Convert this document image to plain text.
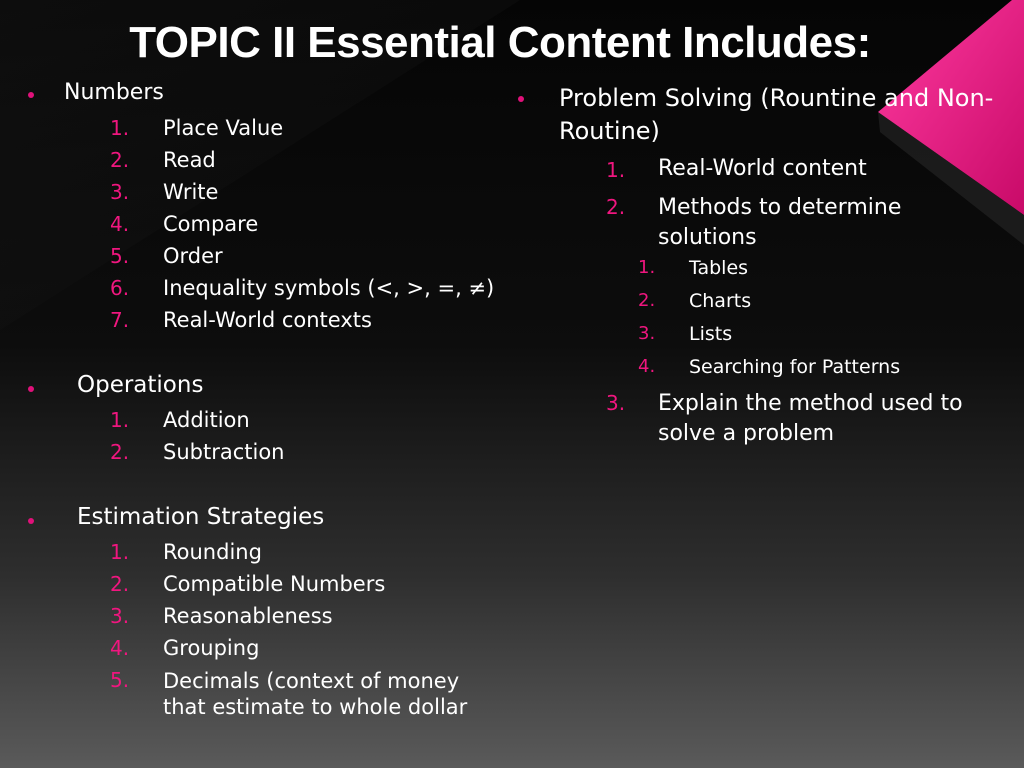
TOPIC II Essential Content Includes:
Numbers
1. Place Value
2. Read
3. Write
4. Compare
5. Order
6. Inequality symbols (<, >, =, ≠)
7. Real-World contexts
Operations
1. Addition
2. Subtraction
Estimation Strategies
1. Rounding
2. Compatible Numbers
3. Reasonableness
4. Grouping
5. Decimals (context of money that estimate to whole dollar
Problem Solving (Rountine and Non-Routine)
1. Real-World content
2. Methods to determine solutions
1. Tables
2. Charts
3. Lists
4. Searching for Patterns
3. Explain the method used to solve a problem
